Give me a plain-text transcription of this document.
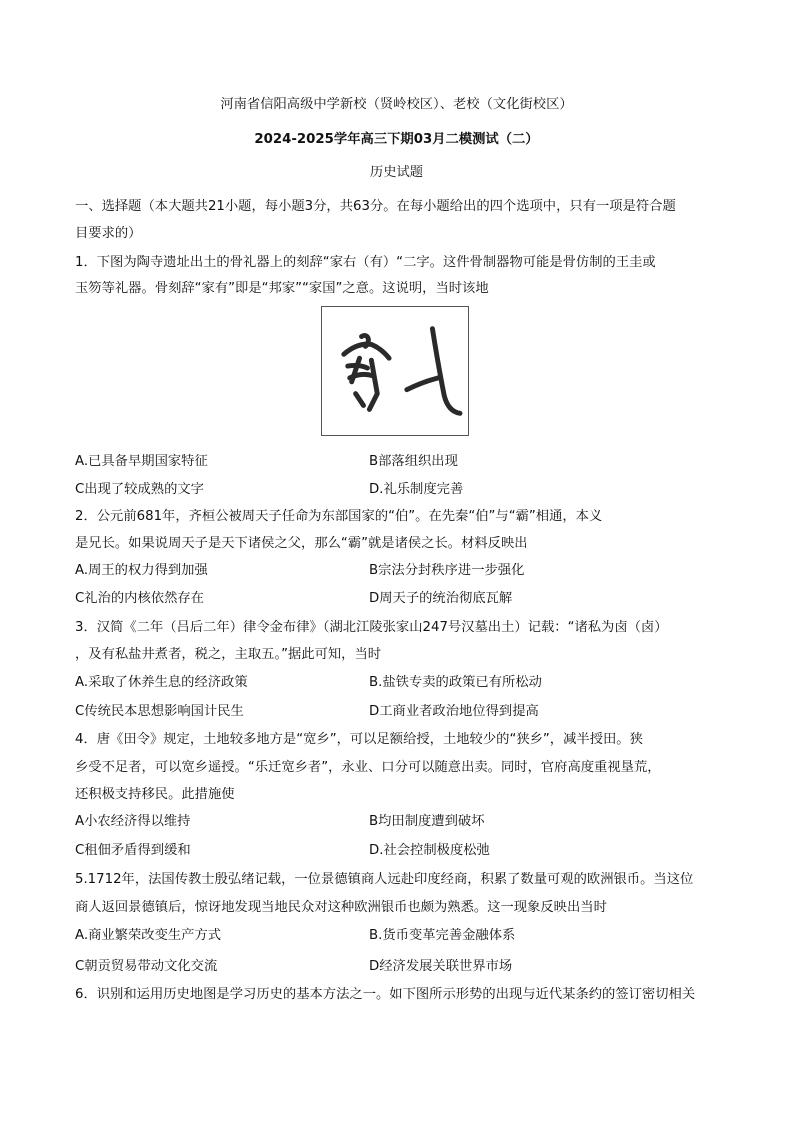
河南省信阳高级中学新校（贤岭校区）、老校（文化街校区）
2024-2025学年高三下期03月二模测试（二）
历史试题
一、选择题（本大题共21小题，每小题3分，共63分。在每小题给出的四个选项中，只有一项是符合题
目要求的）
1．下图为陶寺遗址出土的骨礼器上的刻辞“家右（有）“二字。这件骨制器物可能是骨仿制的王圭或
玉笏等礼器。骨刻辞“家有”即是“邦家”“家国”之意。这说明，当时该地
A.已具备早期国家特征	B部落组织出现
C出现了较成熟的文字	D.礼乐制度完善
2．公元前681年，齐桓公被周天子任命为东部国家的“伯”。在先秦“伯”与“霸”相通，本义
是兄长。如果说周天子是天下诸侯之父，那么“霸”就是诸侯之长。材料反映出
A.周王的权力得到加强	B宗法分封秩序进一步强化
C礼治的内核依然存在	D周天子的统治彻底瓦解
3．汉简《二年（吕后二年）律令金布律》（湖北江陵张家山247号汉墓出土）记载：“诸私为卤（卤）
，及有私盐井煮者，税之，主取五。”据此可知，当时
A.采取了休养生息的经济政策	B.盐铁专卖的政策已有所松动
C传统民本思想影响国计民生	D工商业者政治地位得到提高
4．唐《田令》规定，土地较多地方是“宽乡”，可以足额给授，土地较少的“狭乡”，减半授田。狭
乡受不足者，可以宽乡遥授。“乐迁宽乡者”，永业、口分可以随意出卖。同时，官府高度重视垦荒，
还积极支持移民。此措施使
A小农经济得以维持	B均田制度遭到破坏
C租佃矛盾得到缓和	D.社会控制极度松弛
5.1712年，法国传教士殷弘绪记载，一位景德镇商人远赴印度经商，积累了数量可观的欧洲银币。当这位
商人返回景德镇后，惊讶地发现当地民众对这种欧洲银币也颇为熟悉。这一现象反映出当时
A.商业繁荣改变生产方式	B.货币变革完善金融体系
C朝贡贸易带动文化交流	D经济发展关联世界市场
6．识别和运用历史地图是学习历史的基本方法之一。如下图所示形势的出现与近代某条约的签订密切相关
